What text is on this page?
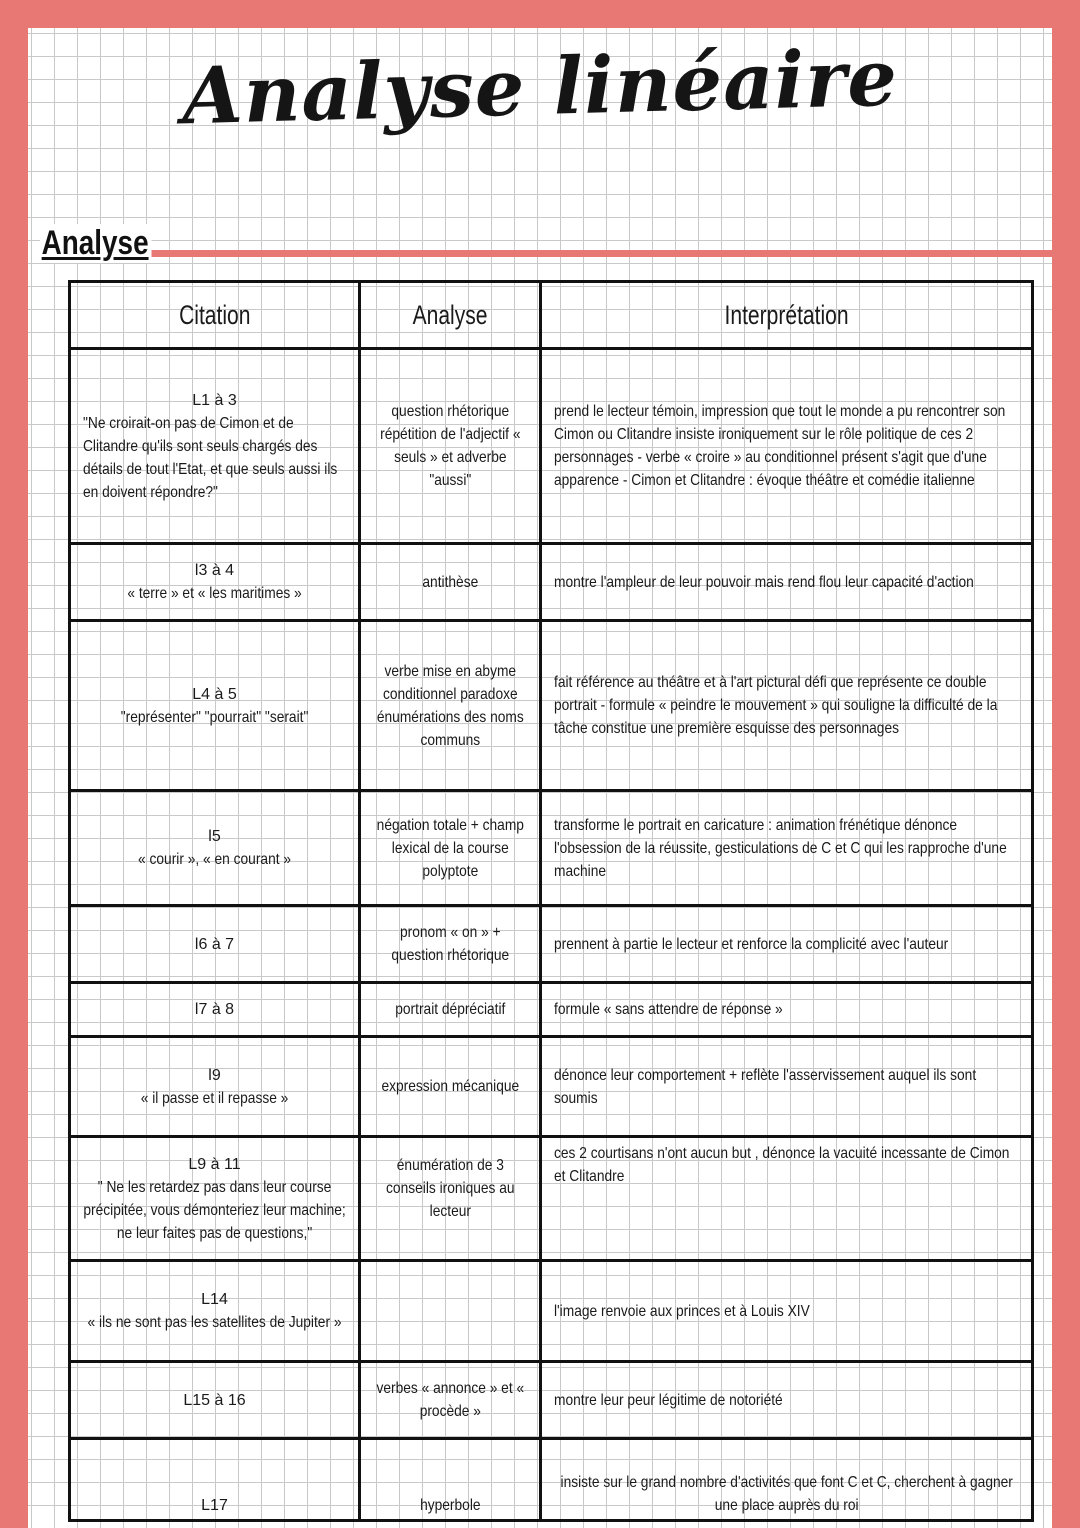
Analyse linéaire
Analyse
Citation	Analyse	Interprétation

L1 à 3
"Ne croirait-on pas de Cimon et de Clitandre qu'ils sont seuls chargés des détails de tout l'Etat, et que seuls aussi ils en doivent répondre?"	question rhétorique répétition de l'adjectif « seuls » et adverbe "aussi"	prend le lecteur témoin, impression que tout le monde a pu rencontrer son Cimon ou Clitandre insiste ironiquement sur le rôle politique de ces 2 personnages - verbe « croire » au conditionnel présent s'agit que d'une apparence - Cimon et Clitandre : évoque théâtre et comédie italienne

l3 à 4
« terre » et « les maritimes »	antithèse	montre l'ampleur de leur pouvoir mais rend flou leur capacité d'action

L4 à 5
"représenter" "pourrait" "serait"	verbe mise en abyme conditionnel paradoxe énumérations des noms communs	fait référence au théâtre et à l'art pictural défi que représente ce double portrait - formule « peindre le mouvement » qui souligne la difficulté de la tâche constitue une première esquisse des personnages

l5
« courir », « en courant »	négation totale + champ lexical de la course polyptote	transforme le portrait en caricature : animation frénétique dénonce l'obsession de la réussite, gesticulations de C et C qui les rapproche d'une machine

l6 à 7	pronom « on » + question rhétorique	prennent à partie le lecteur et renforce la complicité avec l'auteur

l7 à 8	portrait dépréciatif	formule « sans attendre de réponse »

l9
« il passe et il repasse »	expression mécanique	dénonce leur comportement + reflète l'asservissement auquel ils sont soumis

L9 à 11
" Ne les retardez pas dans leur course précipitée, vous démonteriez leur machine; ne leur faites pas de questions,"	énumération de 3 conseils ironiques au lecteur	ces 2 courtisans n'ont aucun but , dénonce la vacuité incessante de Cimon et Clitandre

L14
« ils ne sont pas les satellites de Jupiter »		l'image renvoie aux princes et à Louis XIV

L15 à 16	verbes « annonce » et « procède »	montre leur peur légitime de notoriété

L17	hyperbole	insiste sur le grand nombre d'activités que font C et C, cherchent à gagner une place auprès du roi
